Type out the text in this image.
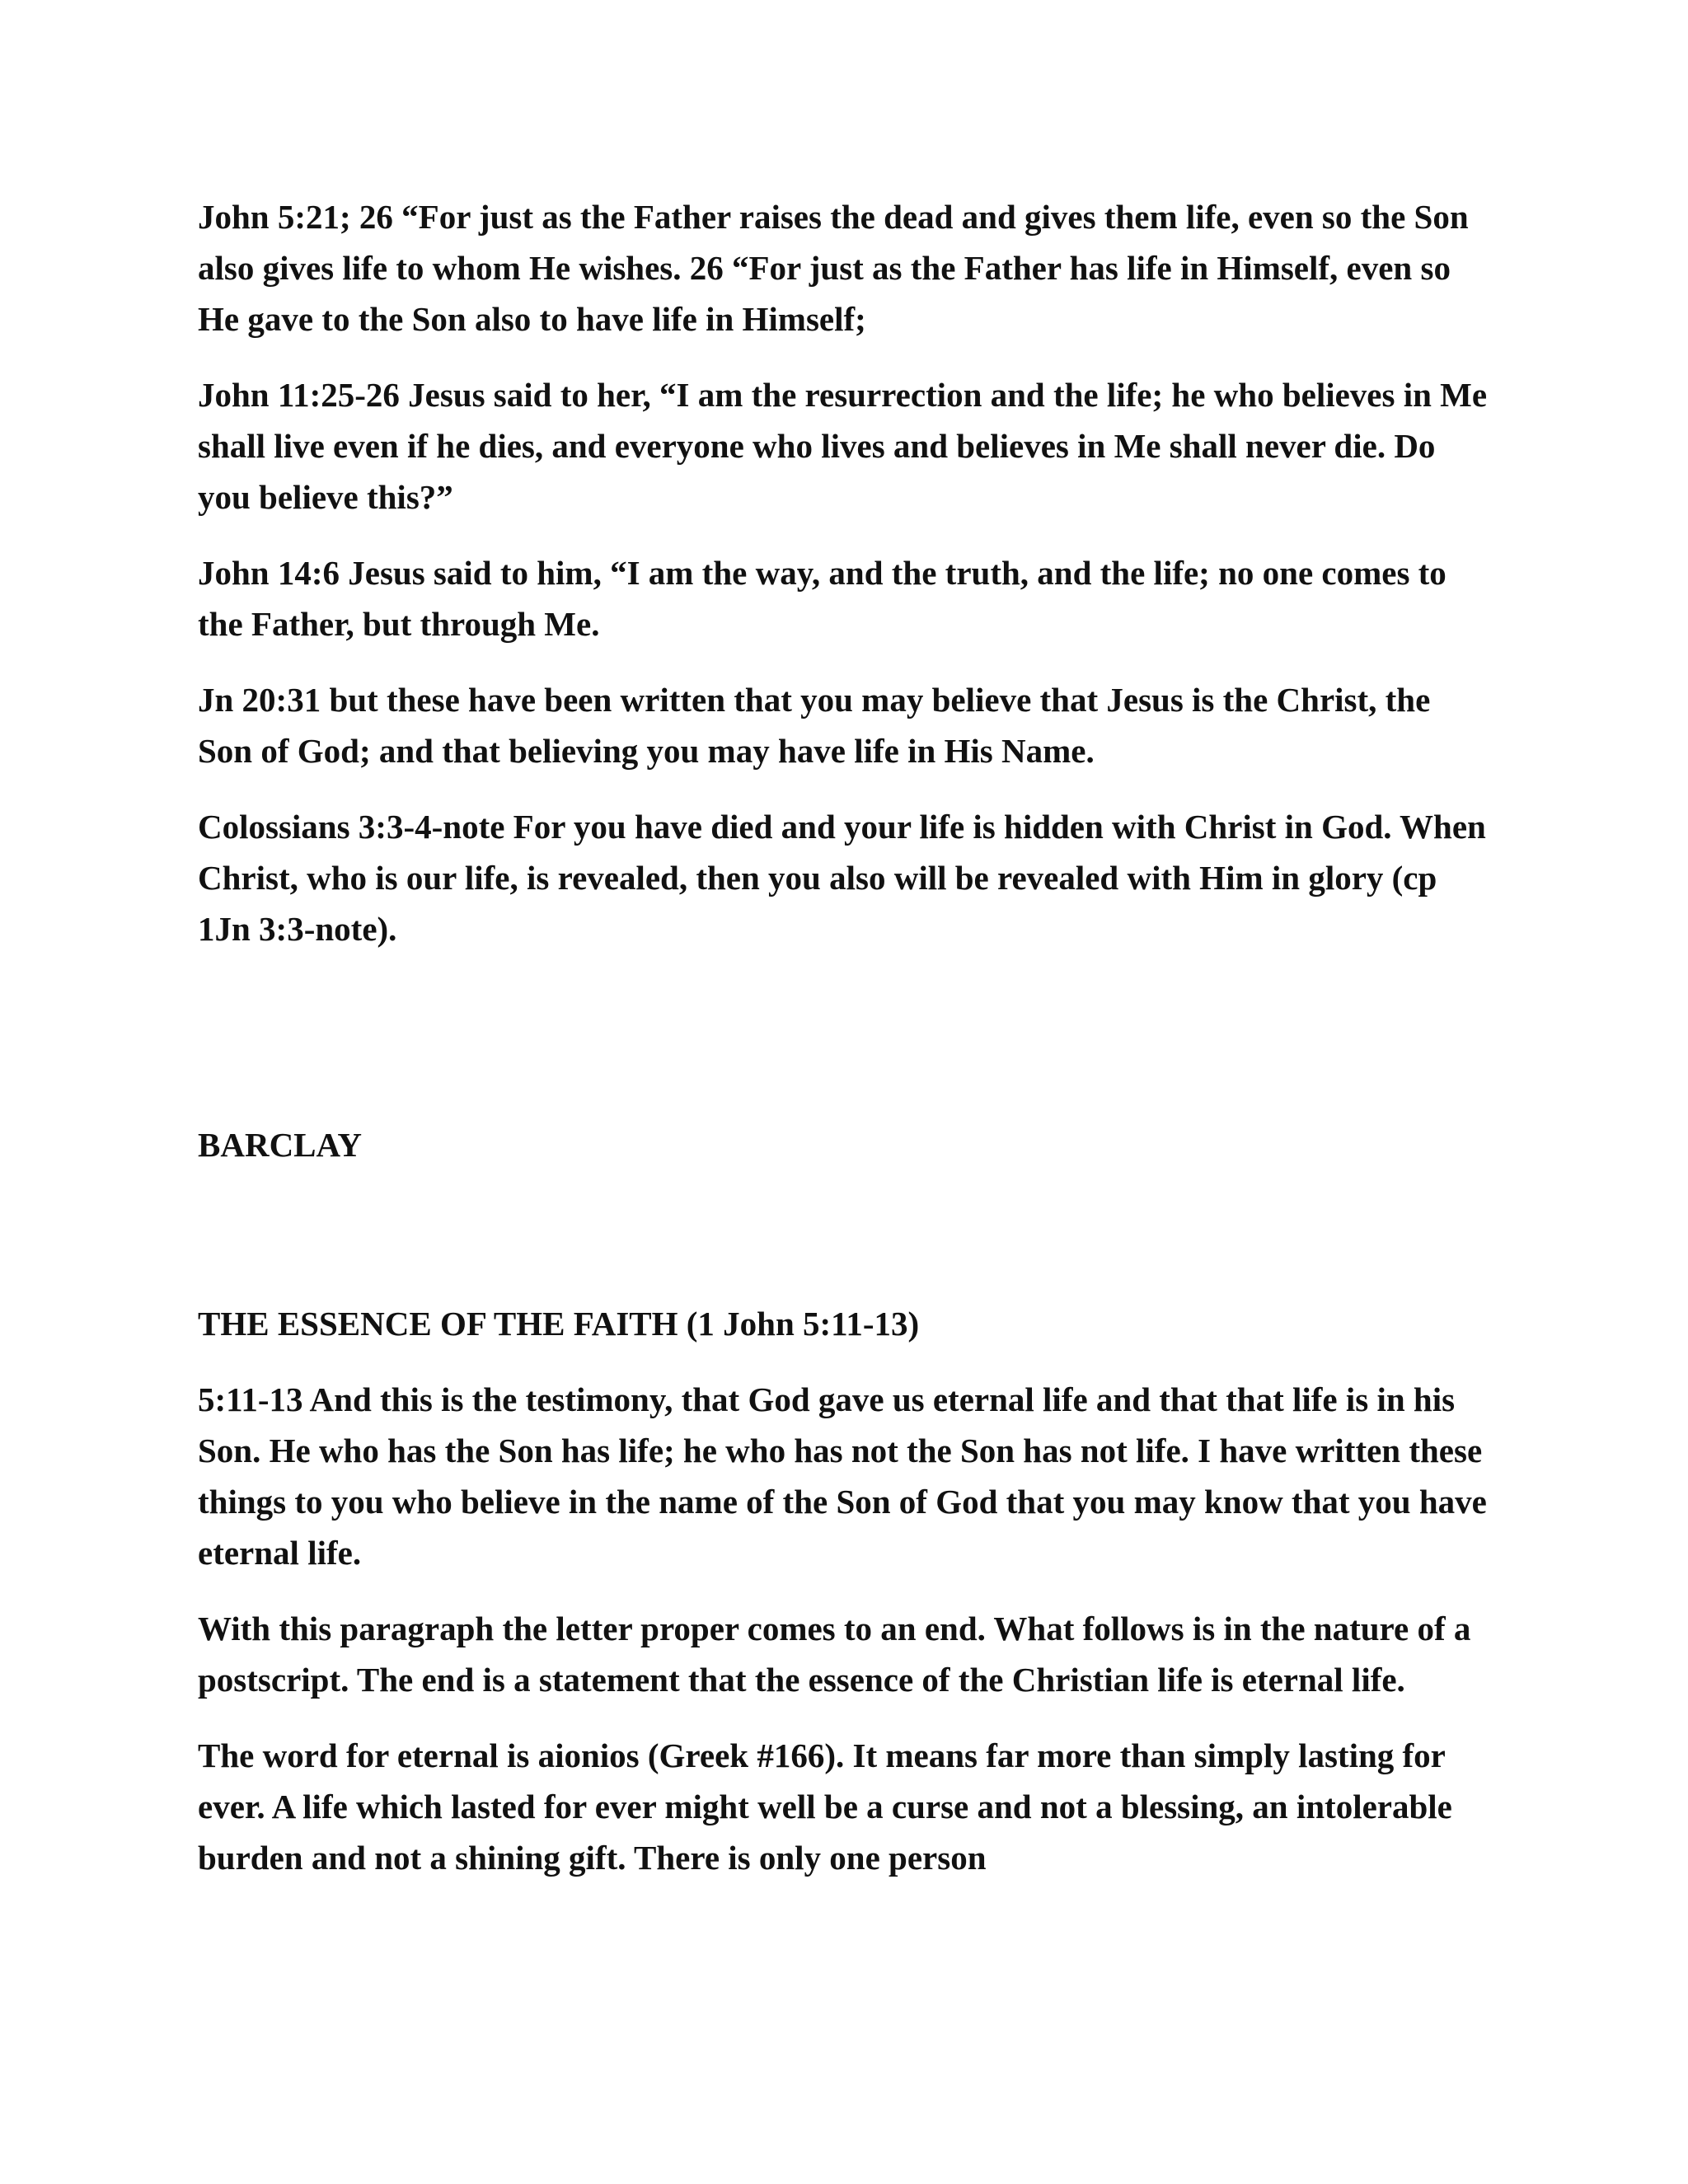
John 5:21; 26 “For just as the Father raises the dead and gives them life, even so the Son also gives life to whom He wishes. 26 “For just as the Father has life in Himself, even so He gave to the Son also to have life in Himself;

John 11:25-26 Jesus said to her, “I am the resurrection and the life; he who believes in Me shall live even if he dies, and everyone who lives and believes in Me shall never die. Do you believe this?”

John 14:6 Jesus said to him, “I am the way, and the truth, and the life; no one comes to the Father, but through Me.

Jn 20:31 but these have been written that you may believe that Jesus is the Christ, the Son of God; and that believing you may have life in His Name.

Colossians 3:3-4-note For you have died and your life is hidden with Christ in God. When Christ, who is our life, is revealed, then you also will be revealed with Him in glory (cp 1Jn 3:3-note).

BARCLAY

THE ESSENCE OF THE FAITH (1 John 5:11-13)

5:11-13 And this is the testimony, that God gave us eternal life and that that life is in his Son. He who has the Son has life; he who has not the Son has not life. I have written these things to you who believe in the name of the Son of God that you may know that you have eternal life.

With this paragraph the letter proper comes to an end. What follows is in the nature of a postscript. The end is a statement that the essence of the Christian life is eternal life.

The word for eternal is aionios (Greek #166). It means far more than simply lasting for ever. A life which lasted for ever might well be a curse and not a blessing, an intolerable burden and not a shining gift. There is only one person
